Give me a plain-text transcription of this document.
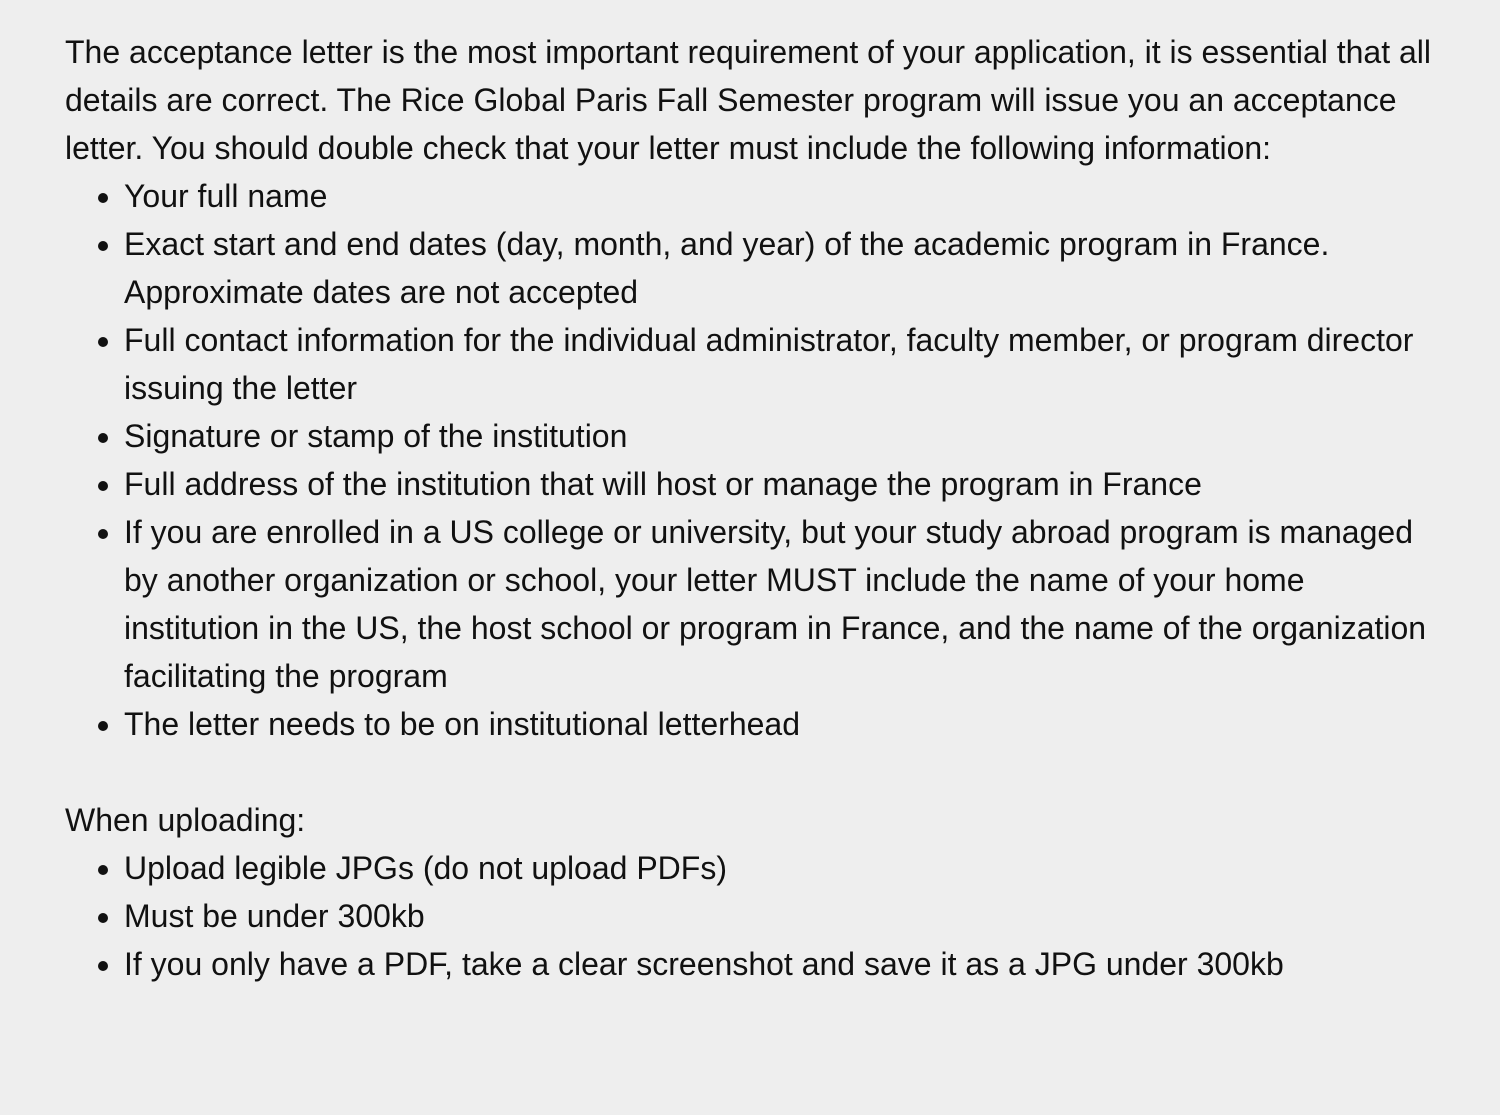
The acceptance letter is the most important requirement of your application, it is essential that all details are correct. The Rice Global Paris Fall Semester program will issue you an acceptance letter. You should double check that your letter must include the following information:

Your full name
Exact start and end dates (day, month, and year) of the academic program in France. Approximate dates are not accepted
Full contact information for the individual administrator, faculty member, or program director issuing the letter
Signature or stamp of the institution
Full address of the institution that will host or manage the program in France
If you are enrolled in a US college or university, but your study abroad program is managed by another organization or school, your letter MUST include the name of your home institution in the US, the host school or program in France, and the name of the organization facilitating the program
The letter needs to be on institutional letterhead

When uploading:

Upload legible JPGs (do not upload PDFs)
Must be under 300kb
If you only have a PDF, take a clear screenshot and save it as a JPG under 300kb
